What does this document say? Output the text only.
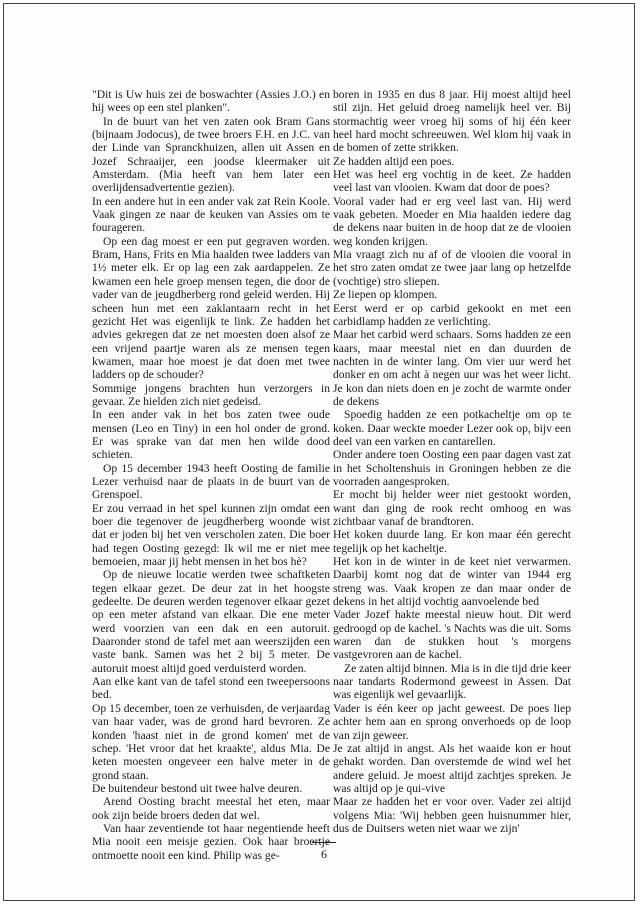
"Dit is Uw huis zei de boswachter (Assies J.O.) en hij wees op een stel planken".

In de buurt van het ven zaten ook Bram Gans (bijnaam Jodocus), de twee broers F.H. en J.C. van der Linde van Spranckhuizen, allen uit Assen en Jozef Schraaijer, een joodse kleermaker uit Amsterdam. (Mia heeft van hem later een overlijdensadvertentie gezien).

In een andere hut in een ander vak zat Rein Koole. Vaak gingen ze naar de keuken van Assies om te fourageren.

Op een dag moest er een put gegraven worden. Bram, Hans, Frits en Mia haalden twee ladders van 1½ meter elk. Er op lag een zak aardappelen. Ze kwamen een hele groep mensen tegen, die door de vader van de jeugdherberg rond geleid werden. Hij scheen hun met een zaklantaarn recht in het gezicht Het was eigenlijk te link. Ze hadden het advies gekregen dat ze net moesten doen alsof ze een vrijend paartje waren als ze mensen tegen kwamen, maar hoe moest je dat doen met twee ladders op de schouder?

Sommige jongens brachten hun verzorgers in gevaar. Ze hielden zich niet gedeisd.

In een ander vak in het bos zaten twee oude mensen (Leo en Tiny) in een hol onder de grond. Er was sprake van dat men hen wilde dood schieten.

Op 15 december 1943 heeft Oosting de familie Lezer verhuisd naar de plaats in de buurt van de Grenspoel.

Er zou verraad in het spel kunnen zijn omdat een boer die tegenover de jeugdherberg woonde wist dat er joden bij het ven verscholen zaten. Die boer had tegen Oosting gezegd: Ik wil me er niet mee bemoeien, maar jij hebt mensen in het bos hè?

Op de nieuwe locatie werden twee schaftketen tegen elkaar gezet. De deur zat in het hoogste gedeelte. De deuren werden tegenover elkaar gezet op een meter afstand van elkaar. Die ene meter werd voorzien van een dak en een autoruit. Daaronder stond de tafel met aan weerszijden een vaste bank. Samen was het 2 bij 5 meter. De autoruit moest altijd goed verduisterd worden.

Aan elke kant van de tafel stond een tweepersoons bed.

Op 15 december, toen ze verhuisden, de verjaardag van haar vader, was de grond hard bevroren. Ze konden 'haast niet in de grond komen' met de schep. 'Het vroor dat het kraakte', aldus Mia. De keten moesten ongeveer een halve meter in de grond staan.

De buitendeur bestond uit twee halve deuren.

Arend Oosting bracht meestal het eten, maar ook zijn beide broers deden dat wel.

Van haar zeventiende tot haar negentiende heeft Mia nooit een meisje gezien. Ook haar broertje ontmoette nooit een kind. Philip was ge-

boren in 1935 en dus 8 jaar. Hij moest altijd heel stil zijn. Het geluid droeg namelijk heel ver. Bij stormachtig weer vroeg hij soms of hij één keer heel hard mocht schreeuwen. Wel klom hij vaak in de bomen of zette strikken.

Ze hadden altijd een poes.

Het was heel erg vochtig in de keet. Ze hadden veel last van vlooien. Kwam dat door de poes?

Vooral vader had er erg veel last van. Hij werd vaak gebeten. Moeder en Mia haalden iedere dag de dekens naar buiten in de hoop dat ze de vlooien weg konden krijgen.

Mia vraagt zich nu af of de vlooien die vooral in het stro zaten omdat ze twee jaar lang op hetzelfde (vochtige) stro sliepen.

Ze liepen op klompen.

Eerst werd er op carbid gekookt en met een carbidlamp hadden ze verlichting.

Maar het carbid werd schaars. Soms hadden ze een kaars, maar meestal niet en dan duurden de nachten in de winter lang. Om vier uur werd het donker en om acht à negen uur was het weer licht. Je kon dan niets doen en je zocht de warmte onder de dekens

Spoedig hadden ze een potkacheltje om op te koken. Daar weckte moeder Lezer ook op, bijv een deel van een varken en cantarellen.

Onder andere toen Oosting een paar dagen vast zat in het Scholtenshuis in Groningen hebben ze die voorraden aangesproken.

Er mocht bij helder weer niet gestookt worden, want dan ging de rook recht omhoog en was zichtbaar vanaf de brandtoren.

Het koken duurde lang. Er kon maar één gerecht tegelijk op het kacheltje.

Het kon in de winter in de keet niet verwarmen. Daarbij komt nog dat de winter van 1944 erg streng was. Vaak kropen ze dan maar onder de dekens in het altijd vochtig aanvoelende bed

Vader Jozef hakte meestal nieuw hout. Dit werd gedroogd op de kachel. 's Nachts was die uit. Soms waren dan de stukken hout 's morgens vastgevroren aan de kachel.

Ze zaten altijd binnen. Mia is in die tijd drie keer naar tandarts Rodermond geweest in Assen. Dat was eigenlijk wel gevaarlijk.

Vader is één keer op jacht geweest. De poes liep achter hem aan en sprong onverhoeds op de loop van zijn geweer.

Je zat altijd in angst. Als het waaide kon er hout gehakt worden. Dan overstemde de wind wel het andere geluid. Je moest altijd zachtjes spreken. Je was altijd op je qui-vive

Maar ze hadden het er voor over. Vader zei altijd volgens Mia: 'Wij hebben geen huisnummer hier, dus de Duitsers weten niet waar we zijn'

6
